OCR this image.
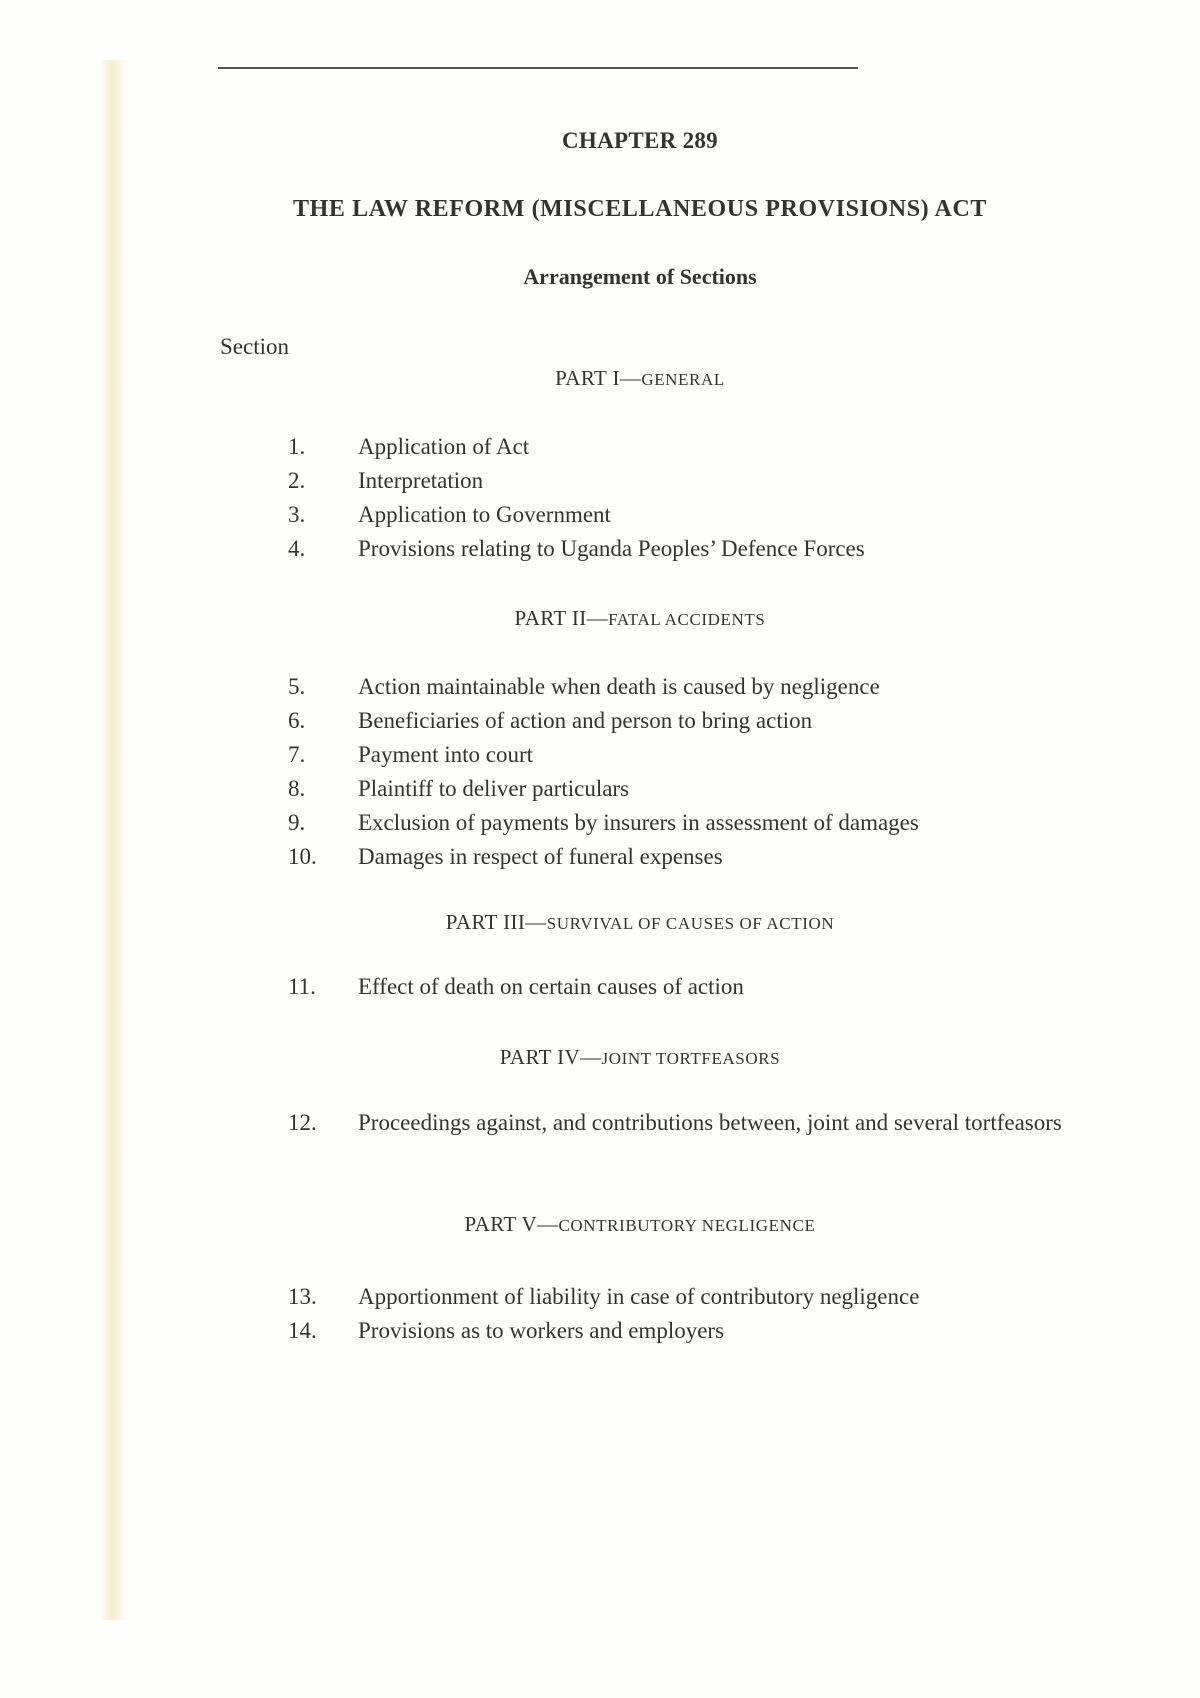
CHAPTER 289
THE LAW REFORM (MISCELLANEOUS PROVISIONS) ACT
Arrangement of Sections
Section
PART I—GENERAL
1.	Application of Act
2.	Interpretation
3.	Application to Government
4.	Provisions relating to Uganda Peoples’ Defence Forces
PART II—FATAL ACCIDENTS
5.	Action maintainable when death is caused by negligence
6.	Beneficiaries of action and person to bring action
7.	Payment into court
8.	Plaintiff to deliver particulars
9.	Exclusion of payments by insurers in assessment of damages
10.	Damages in respect of funeral expenses
PART III—SURVIVAL OF CAUSES OF ACTION
11.	Effect of death on certain causes of action
PART IV—JOINT TORTFEASORS
12.	Proceedings against, and contributions between, joint and several tortfeasors
PART V—CONTRIBUTORY NEGLIGENCE
13.	Apportionment of liability in case of contributory negligence
14.	Provisions as to workers and employers
